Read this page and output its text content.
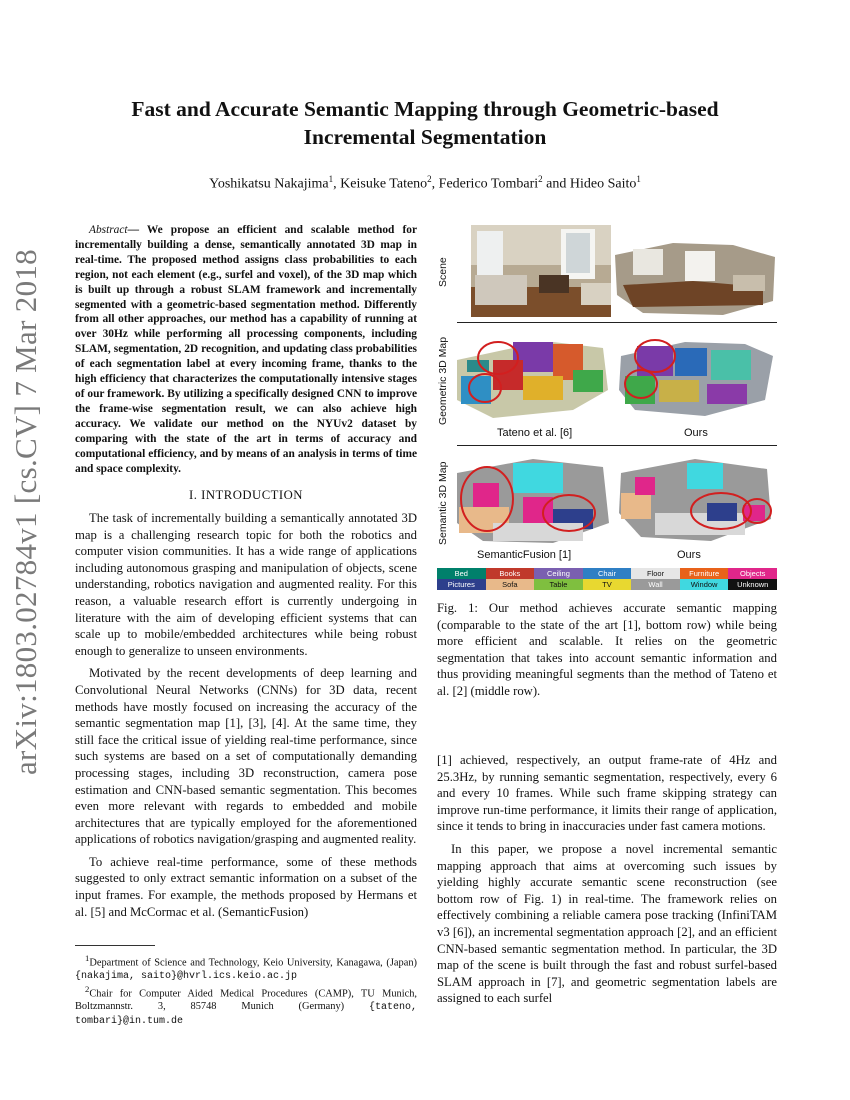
arXiv:1803.02784v1 [cs.CV] 7 Mar 2018
Fast and Accurate Semantic Mapping through Geometric-based
Incremental Segmentation
Yoshikatsu Nakajima$^1$, Keisuke Tateno$^2$, Federico Tombari$^2$ and Hideo Saito$^1$
Abstract— We propose an efficient and scalable method for incrementally building a dense, semantically annotated 3D map in real-time. The proposed method assigns class probabilities to each region, not each element (e.g., surfel and voxel), of the 3D map which is built up through a robust SLAM framework and incrementally segmented with a geometric-based segmentation method. Differently from all other approaches, our method has a capability of running at over 30Hz while performing all processing components, including SLAM, segmentation, 2D recognition, and updating class probabilities of each segmentation label at every incoming frame, thanks to the high efficiency that characterizes the computationally intensive stages of our framework. By utilizing a specifically designed CNN to improve the frame-wise segmentation result, we can also achieve high accuracy. We validate our method on the NYUv2 dataset by comparing with the state of the art in terms of accuracy and computational efficiency, and by means of an analysis in terms of time and space complexity.
I. INTRODUCTION

The task of incrementally building a semantically annotated 3D map is a challenging research topic for both the robotics and computer vision communities. It has a wide range of applications including autonomous grasping and manipulation of objects, scene understanding, robotics navigation and augmented reality. For this reason, a valuable research effort is currently undergoing in literature with the aim of developing efficient systems that can scale up to mobile/embedded architectures while being robust enough to generalize to unseen environments.

Motivated by the recent developments of deep learning and Convolutional Neural Networks (CNNs) for 3D data, recent methods have mostly focused on increasing the accuracy of the semantic segmentation map [1], [3], [4]. At the same time, they still face the critical issue of yielding real-time performance, since such systems are based on a set of computationally demanding processing stages, including 3D reconstruction, camera pose estimation and CNN-based semantic segmentation. This becomes even more relevant with regards to embedded and mobile architectures that are typically employed for the aforementioned applications of robotics navigation/grasping and augmented reality.

To achieve real-time performance, some of these methods suggested to only extract semantic information on a subset of the input frames. For example, the methods proposed by Hermans et al. [5] and McCormac et al. (SemanticFusion)

$^1$Department of Science and Technology, Keio University, Kanagawa, (Japan) {nakajima, saito}@hvrl.ics.keio.ac.jp

$^2$Chair for Computer Aided Medical Procedures (CAMP), TU Munich, Boltzmannstr. 3, 85748 Munich (Germany) {tateno, tombari}@in.tum.de

Scene
Geometric 3D Map
Semantic 3D Map
Tateno et al. [6]	Ours
SemanticFusion [1]	Ours
Bed	Books	Ceiling	Chair	Floor	Furniture	Objects
Pictures	Sofa	Table	TV	Wall	Window	Unknown
Fig. 1: Our method achieves accurate semantic mapping (comparable to the state of the art [1], bottom row) while being more efficient and scalable. It relies on the geometric segmentation that takes into account semantic information and thus providing meaningful segments than the method of Tateno et al. [2] (middle row).

[1] achieved, respectively, an output frame-rate of 4Hz and 25.3Hz, by running semantic segmentation, respectively, every 6 and every 10 frames. While such frame skipping strategy can improve run-time performance, it limits their range of application, since it tends to bring in inaccuracies under fast camera motions.

In this paper, we propose a novel incremental semantic mapping approach that aims at overcoming such issues by yielding highly accurate semantic scene reconstruction (see bottom row of Fig. 1) in real-time. The framework relies on effectively combining a reliable camera pose tracking (InfiniTAM v3 [6]), an incremental segmentation approach [2], and an efficient CNN-based semantic segmentation method. In particular, the 3D map of the scene is built through the fast and robust surfel-based SLAM approach in [7], and geometric segmentation labels are assigned to each surfel
